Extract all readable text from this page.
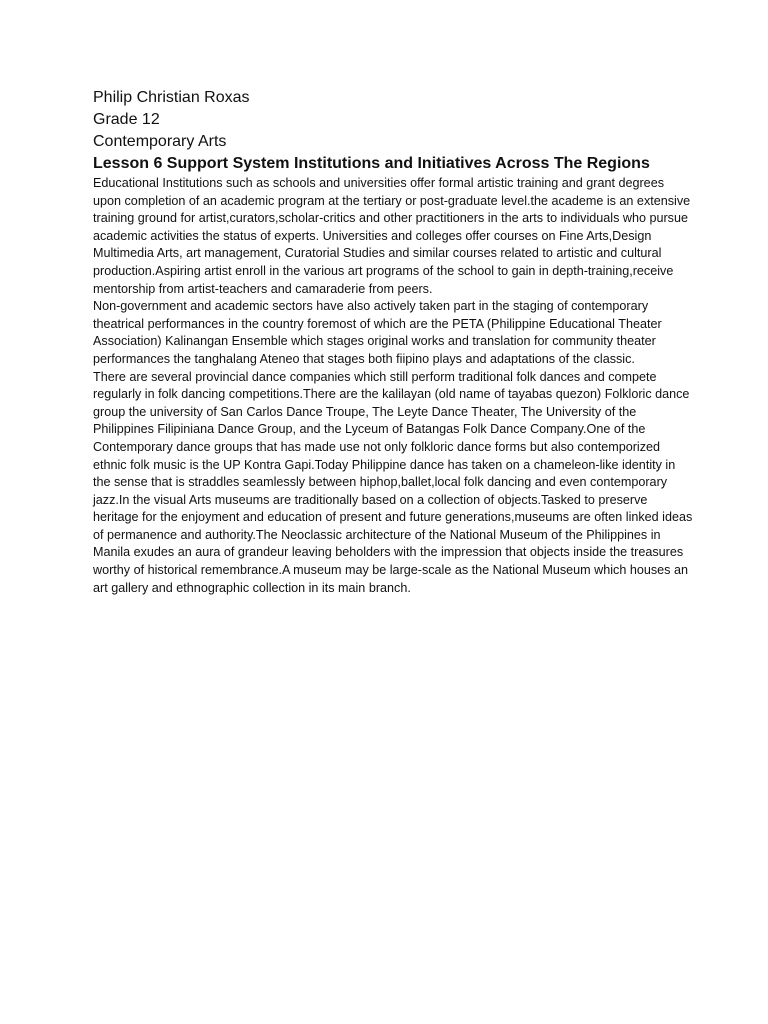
Philip Christian Roxas
Grade 12
Contemporary Arts
Lesson 6 Support System Institutions and Initiatives Across The Regions

Educational Institutions such as schools and universities offer formal artistic training and grant degrees upon completion of an academic program at the tertiary or post-graduate level.the academe is an extensive training ground for artist,curators,scholar-critics and other practitioners in the arts to individuals who pursue academic activities the status of experts. Universities and colleges offer courses on Fine Arts,Design Multimedia Arts, art management, Curatorial Studies and similar courses related to artistic and cultural production.Aspiring artist enroll in the various art programs of the school to gain in depth-training,receive mentorship from artist-teachers and camaraderie from peers.

Non-government and academic sectors have also actively taken part in the staging of contemporary theatrical performances in the country foremost of which are the PETA (Philippine Educational Theater Association) Kalinangan Ensemble which stages original works and translation for community theater performances the tanghalang Ateneo that stages both fiipino plays and adaptations of the classic.

There are several provincial dance companies which still perform traditional folk dances and compete regularly in folk dancing competitions.There are the kalilayan (old name of tayabas quezon) Folkloric dance group the university of San Carlos Dance Troupe, The Leyte Dance Theater, The University of the Philippines Filipiniana Dance Group, and the Lyceum of Batangas Folk Dance Company.One of the Contemporary dance groups that has made use not only folkloric dance forms but also contemporized ethnic folk music is the UP Kontra Gapi.Today Philippine dance has taken on a chameleon-like identity in the sense that is straddles seamlessly between hiphop,ballet,local folk dancing and even contemporary jazz.In the visual Arts museums are traditionally based on a collection of objects.Tasked to preserve heritage for the enjoyment and education of present and future generations,museums are often linked ideas of permanence and authority.The Neoclassic architecture of the National Museum of the Philippines in Manila exudes an aura of grandeur leaving beholders with the impression that objects inside the treasures worthy of historical remembrance.A museum may be large-scale as the National Museum which houses an art gallery and ethnographic collection in its main branch.
